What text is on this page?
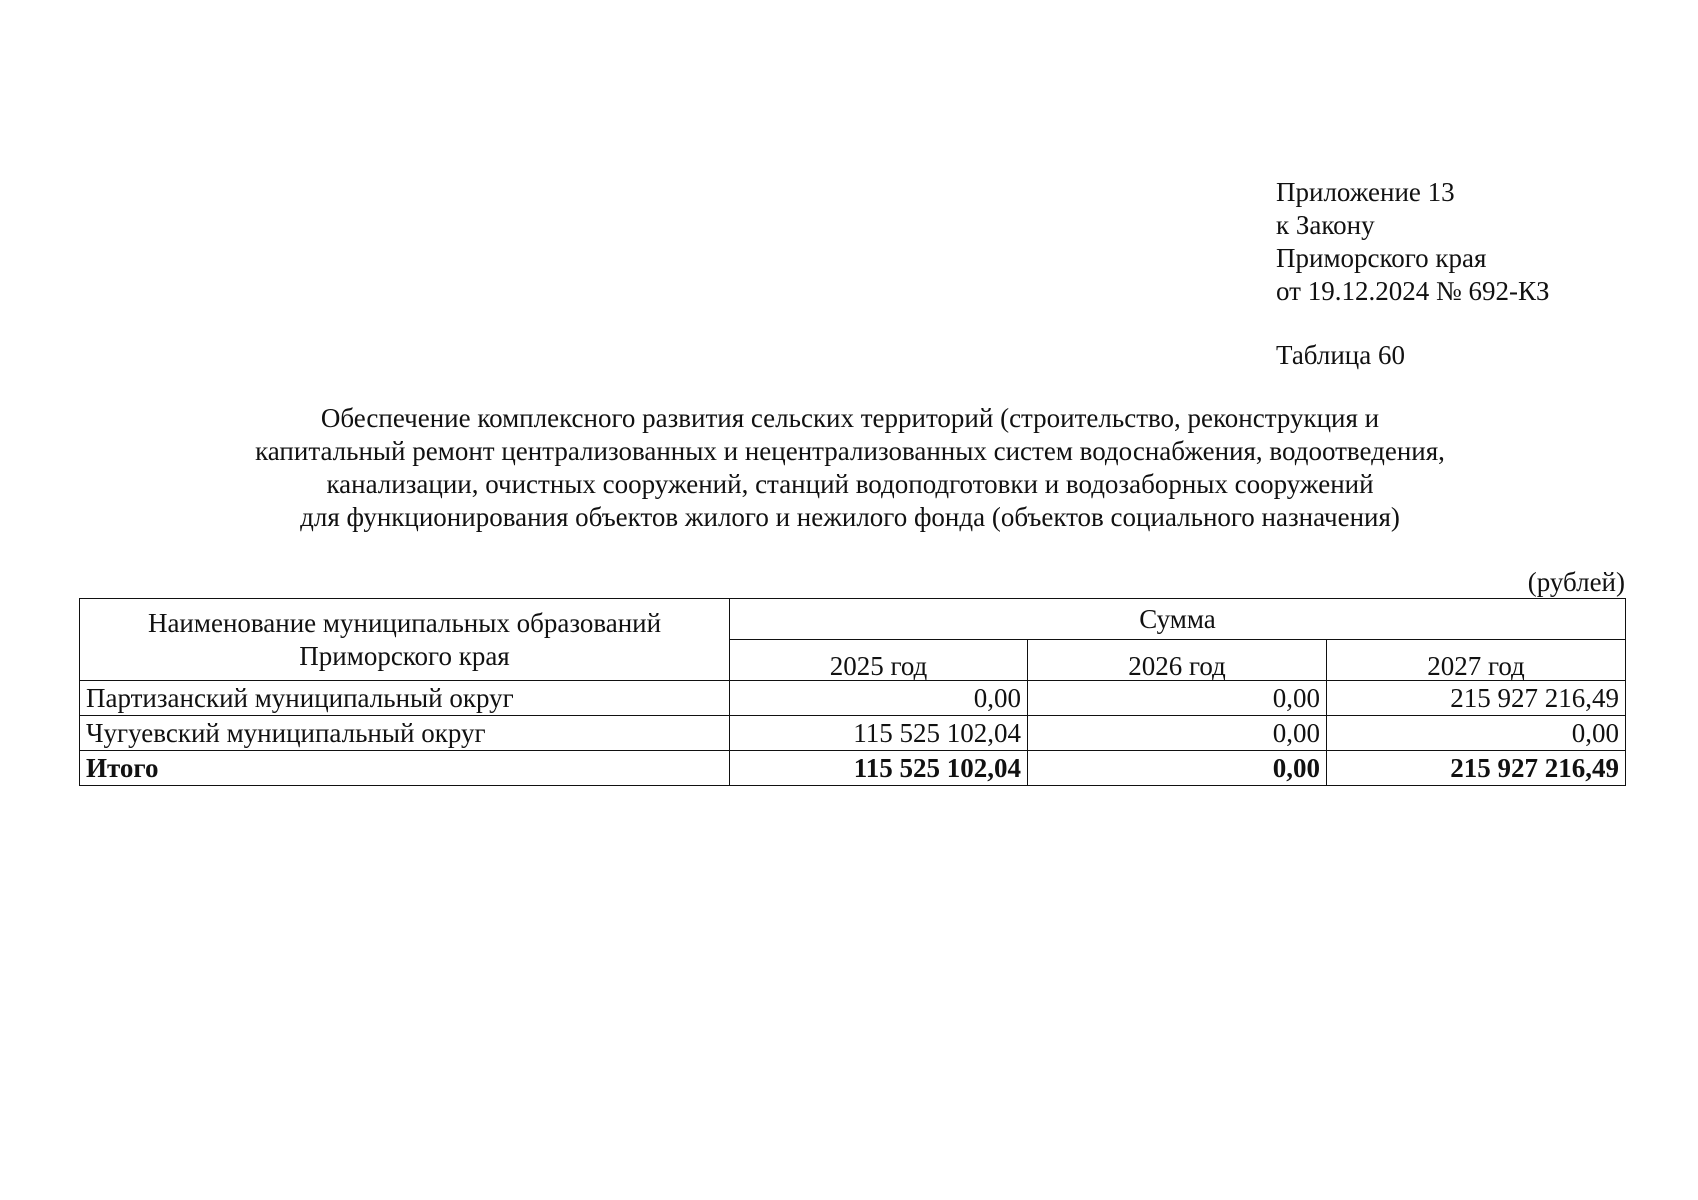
Приложение 13
к Закону
Приморского края
от 19.12.2024 № 692-КЗ
Таблица 60
Обеспечение комплексного развития сельских территорий (строительство, реконструкция и
капитальный ремонт централизованных и нецентрализованных систем водоснабжения, водоотведения,
канализации, очистных сооружений, станций водоподготовки и водозаборных сооружений
для функционирования объектов жилого и нежилого фонда (объектов социального назначения)
(рублей)
Наименование муниципальных образований
Приморского края	Сумма		
	2025 год	2026 год	2027 год
Партизанский муниципальный округ	0,00	0,00	215 927 216,49
Чугуевский муниципальный округ	115 525 102,04	0,00	0,00
Итого	115 525 102,04	0,00	215 927 216,49
